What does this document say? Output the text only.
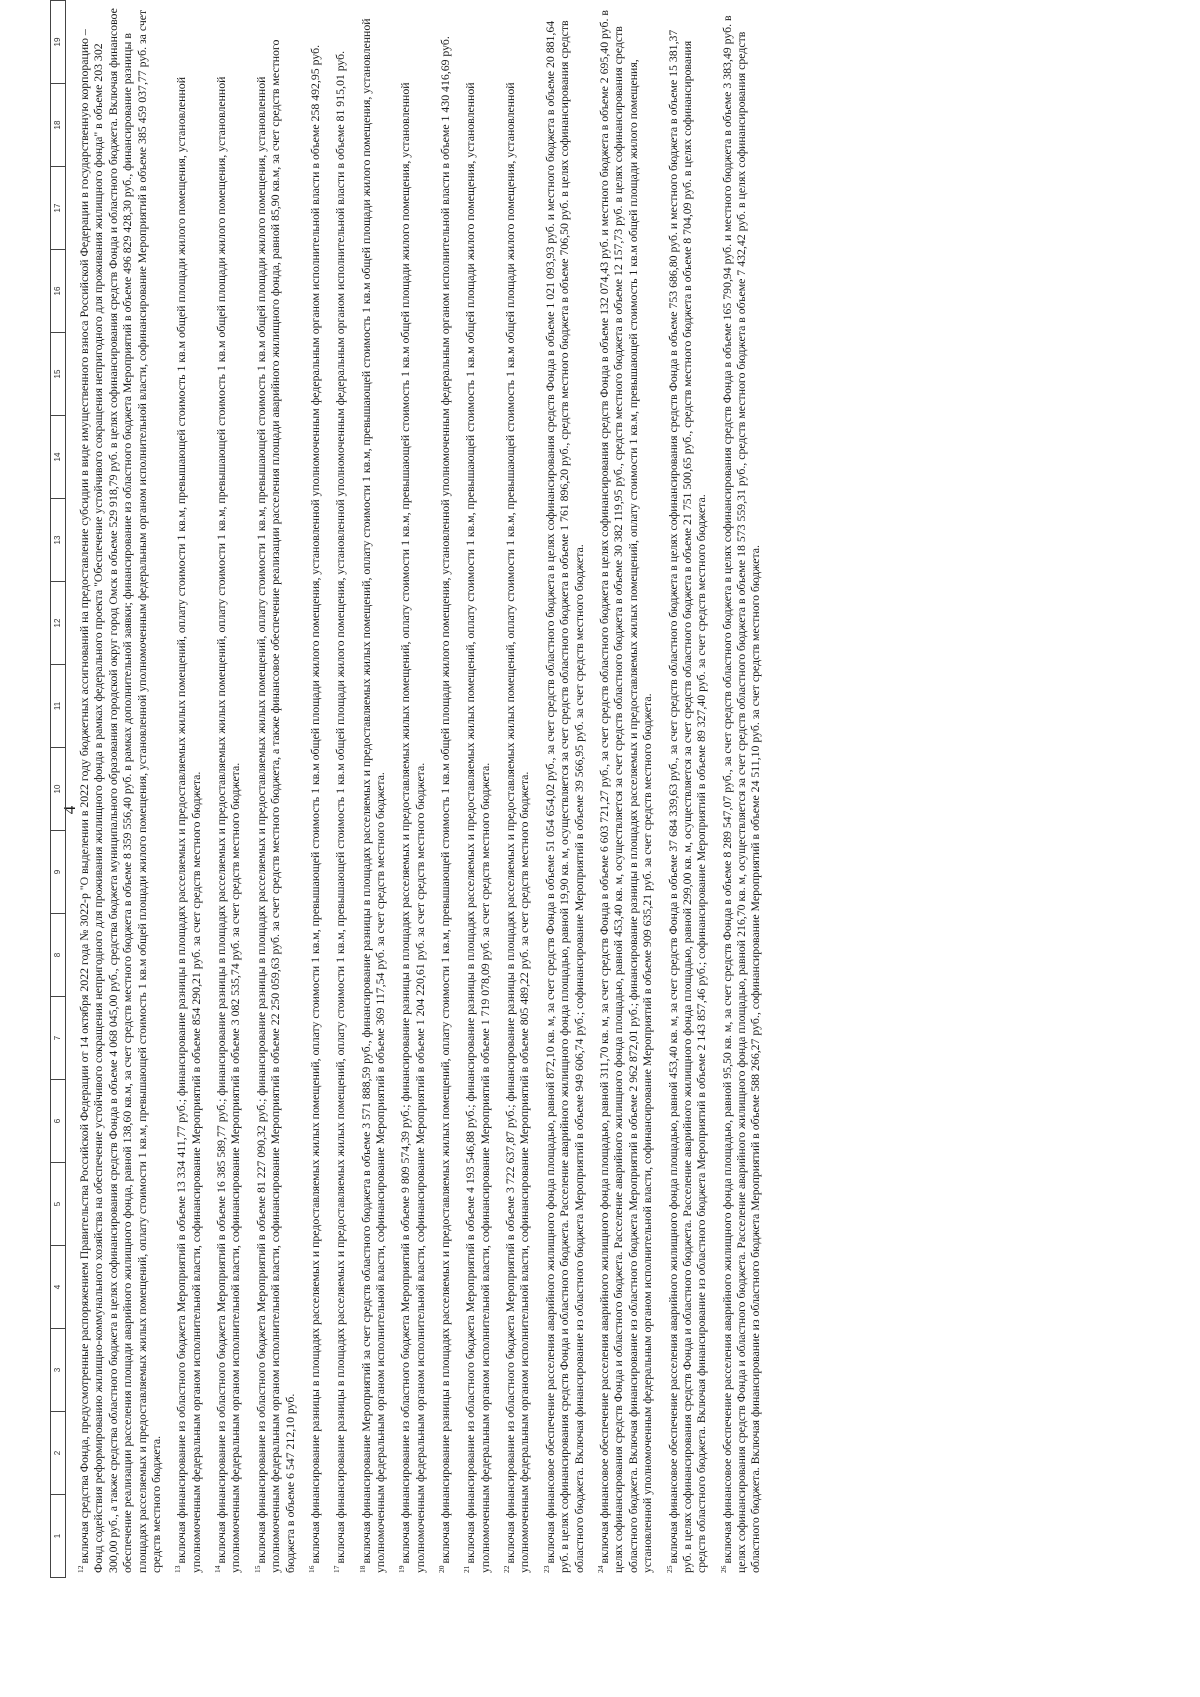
4
1
2
3
4
5
6
7
8
9
10
11
12
13
14
15
16
17
18
19

$^{12}$включая средства Фонда, предусмотренные распоряжением Правительства Российской Федерации от 14 октября 2022 года № 3022-р "О выделении в 2022 году бюджетных ассигнований на предоставление субсидии в виде имущественного взноса Российской Федерации в государственную корпорацию – Фонд содействия реформированию жилищно-коммунального хозяйства на обеспечение устойчивого сокращения непригодного для проживания жилищного фонда в рамках федерального проекта "Обеспечение устойчивого сокращения непригодного для проживания жилищного фонда" в объеме 203 302 300,00 руб., а также средства областного бюджета в целях софинансирования средств Фонда в объеме 4 068 045,00 руб., средства бюджета муниципального образования городской округ город Омск в объеме 529 918,79 руб. в целях софинансирования средств Фонда и областного бюджета. Включая финансовое обеспечение реализации расселения площади аварийного жилищного фонда, равной 138,60 кв.м, за счет средств местного бюджета в объеме 8 359 556,40 руб. в рамках дополнительной заявки; финансирование из областного бюджета Мероприятий в объеме 496 829 428,30 руб., финансирование разницы в площадях расселяемых и предоставляемых жилых помещений, оплату стоимости 1 кв.м, превышающей стоимость 1 кв.м общей площади жилого помещения, установленной уполномоченным федеральным органом исполнительной власти, софинансирование Мероприятий в объеме 385 459 037,77 руб. за счет средств местного бюджета. $^{13}$включая финансирование из областного бюджета Мероприятий в объеме 13 334 411,77 руб.; финансирование разницы в площадях расселяемых и предоставляемых жилых помещений, оплату стоимости 1 кв.м, превышающей стоимость 1 кв.м общей площади жилого помещения, установленной уполномоченным федеральным органом исполнительной власти, софинансирование Мероприятий в объеме 854 290,21 руб. за счет средств местного бюджета. $^{14}$включая финансирование из областного бюджета Мероприятий в объеме 16 385 589,77 руб.; финансирование разницы в площадях расселяемых и предоставляемых жилых помещений, оплату стоимости 1 кв.м, превышающей стоимость 1 кв.м общей площади жилого помещения, установленной уполномоченным федеральным органом исполнительной власти, софинансирование Мероприятий в объеме 3 082 535,74 руб. за счет средств местного бюджета. $^{15}$включая финансирование из областного бюджета Мероприятий в объеме 81 227 090,32 руб.; финансирование разницы в площадях расселяемых и предоставляемых жилых помещений, оплату стоимости 1 кв.м, превышающей стоимость 1 кв.м общей площади жилого помещения, установленной уполномоченным федеральным органом исполнительной власти, софинансирование Мероприятий в объеме 22 250 059,63 руб. за счет средств местного бюджета, а также финансовое обеспечение реализации расселения площади аварийного жилищного фонда, равной 85,90 кв.м, за счет средств местного бюджета в объеме 6 547 212,10 руб. $^{16}$включая финансирование разницы в площадях расселяемых и предоставляемых жилых помещений, оплату стоимости 1 кв.м, превышающей стоимость 1 кв.м общей площади жилого помещения, установленной уполномоченным федеральным органом исполнительной власти в объеме 258 492,95 руб.

$^{17}$включая финансирование разницы в площадях расселяемых и предоставляемых жилых помещений, оплату стоимости 1 кв.м, превышающей стоимость 1 кв.м общей площади жилого помещения, установленной уполномоченным федеральным органом исполнительной власти в объеме 81 915,01 руб.

$^{18}$включая финансирование Мероприятий за счет средств областного бюджета в объеме 3 571 888,59 руб., финансирование разницы в площадях расселяемых и предоставляемых жилых помещений, оплату стоимости 1 кв.м, превышающей стоимость 1 кв.м общей площади жилого помещения, установленной уполномоченным федеральным органом исполнительной власти, софинансирование Мероприятий в объеме 369 117,54 руб. за счет средств местного бюджета. $^{19}$включая финансирование из областного бюджета Мероприятий в объеме 9 809 574,39 руб.; финансирование разницы в площадях расселяемых и предоставляемых жилых помещений, оплату стоимости 1 кв.м, превышающей стоимость 1 кв.м общей площади жилого помещения, установленной уполномоченным федеральным органом исполнительной власти, софинансирование Мероприятий в объеме 1 204 220,61 руб. за счет средств местного бюджета. $^{20}$включая финансирование разницы в площадях расселяемых и предоставляемых жилых помещений, оплату стоимости 1 кв.м, превышающей стоимость 1 кв.м общей площади жилого помещения, установленной уполномоченным федеральным органом исполнительной власти в объеме 1 430 416,69 руб.

$^{21}$включая финансирование из областного бюджета Мероприятий в объеме 4 193 546,88 руб.; финансирование разницы в площадях расселяемых и предоставляемых жилых помещений, оплату стоимости 1 кв.м, превышающей стоимость 1 кв.м общей площади жилого помещения, установленной уполномоченным федеральным органом исполнительной власти, софинансирование Мероприятий в объеме 1 719 078,09 руб. за счет средств местного бюджета. $^{22}$включая финансирование из областного бюджета Мероприятий в объеме 3 722 637,87 руб.; финансирование разницы в площадях расселяемых и предоставляемых жилых помещений, оплату стоимости 1 кв.м, превышающей стоимость 1 кв.м общей площади жилого помещения, установленной уполномоченным федеральным органом исполнительной власти, софинансирование Мероприятий в объеме 805 489,22 руб. за счет средств местного бюджета. $^{23}$включая финансовое обеспечение расселения аварийного жилищного фонда площадью, равной 872,10 кв. м, за счет средств Фонда в объеме 51 054 654,02 руб., за счет средств областного бюджета в целях софинансирования средств Фонда в объеме 1 021 093,93 руб. и местного бюджета в объеме 20 881,64 руб. в целях софинансирования средств Фонда и областного бюджета. Расселение аварийного жилищного фонда площадью, равной 19,90 кв. м, осуществляется за счет средств областного бюджета в объеме 1 761 896,20 руб., средств местного бюджета в объеме 706,50 руб. в целях софинансирования средств областного бюджета. Включая финансирование из областного бюджета Мероприятий в объеме 949 606,74 руб.; софинансирование Мероприятий в объеме 39 566,95 руб. за счет средств местного бюджета. $^{24}$включая финансовое обеспечение расселения аварийного жилищного фонда площадью, равной 311,70 кв. м, за счет средств Фонда в объеме 6 603 721,27 руб., за счет средств областного бюджета в целях софинансирования средств Фонда в объеме 132 074,43 руб. и местного бюджета в объеме 2 695,40 руб. в целях софинансирования средств Фонда и областного бюджета. Расселение аварийного жилищного фонда площадью, равной 453,40 кв. м, осуществляется за счет средств областного бюджета в объеме 30 382 119,95 руб., средств местного бюджета в объеме 12 157,73 руб. в целях софинансирования средств областного бюджета. Включая финансирование из областного бюджета Мероприятий в объеме 2 962 872,01 руб.; финансирование разницы в площадях расселяемых и предоставляемых жилых помещений, оплату стоимости 1 кв.м, превышающей стоимость 1 кв.м общей площади жилого помещения, установленной уполномоченным федеральным органом исполнительной власти, софинансирование Мероприятий в объеме 909 635,21 руб. за счет средств местного бюджета. $^{25}$включая финансовое обеспечение расселения аварийного жилищного фонда площадью, равной 453,40 кв. м, за счет средств Фонда в объеме 37 684 339,63 руб., за счет средств областного бюджета в целях софинансирования средств Фонда в объеме 753 686,80 руб. и местного бюджета в объеме 15 381,37 руб. в целях софинансирования средств Фонда и областного бюджета. Расселение аварийного жилищного фонда площадью, равной 299,00 кв. м, осуществляется за счет средств областного бюджета в объеме 21 751 500,65 руб., средств местного бюджета в объеме 8 704,09 руб. в целях софинансирования средств областного бюджета. Включая финансирование из областного бюджета Мероприятий в объеме 2 143 857,46 руб.; софинансирование Мероприятий в объеме 89 327,40 руб. за счет средств местного бюджета. $^{26}$включая финансовое обеспечение расселения аварийного жилищного фонда площадью, равной 95,50 кв. м, за счет средств Фонда в объеме 8 289 547,07 руб., за счет средств областного бюджета в целях софинансирования средств Фонда в объеме 165 790,94 руб. и местного бюджета в объеме 3 383,49 руб. в целях софинансирования средств Фонда и областного бюджета. Расселение аварийного жилищного фонда площадью, равной 216,70 кв. м, осуществляется за счет средств областного бюджета в объеме 18 573 559,31 руб., средств местного бюджета в объеме 7 432,42 руб. в целях софинансирования средств областного бюджета. Включая финансирование из областного бюджета Мероприятий в объеме 588 266,27 руб., софинансирование Мероприятий в объеме 24 511,10 руб. за счет средств местного бюджета.
